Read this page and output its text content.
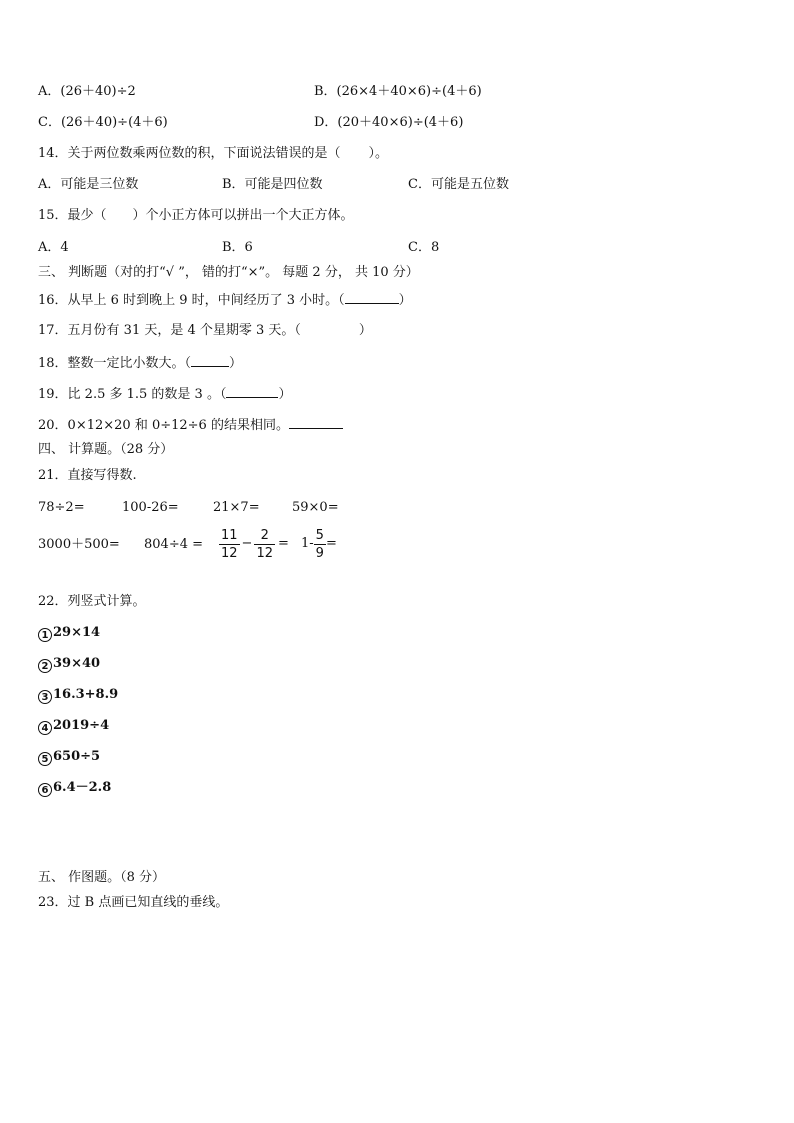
A．(26＋40)÷2	B．(26×4＋40×6)÷(4＋6)
C．(26＋40)÷(4＋6)	D．(20＋40×6)÷(4＋6)
14．关于两位数乘两位数的积，下面说法错误的是（ ）。
A．可能是三位数	B．可能是四位数	C．可能是五位数
15．最少（ ）个小正方体可以拼出一个大正方体。
A．4	B．6	C．8
三、 判断题（对的打“√ ”， 错的打“×”。 每题 2 分， 共 10 分）
16．从早上 6 时到晚上 9 时，中间经历了 3 小时。（	）
17．五月份有 31 天，是 4 个星期零 3 天。（	）
18．整数一定比小数大。（	）
19．比 2.5 多 1.5 的数是 3 。（	）
20．0×12×20 和 0÷12÷6 的结果相同。
四、 计算题。（28 分）
21．直接写得数.
78÷2=	100-26=	21×7= 59×0=
$3000+500= 804\div 4 = \frac{11}{12} - \frac{2}{12} = 1- \frac{5}{9}$ =
22．列竖式计算。
1 29×14
2 39×40
3 16.3+8.9
4 2019÷4
5 650÷5
6 6.4－2.8
五、 作图题。（8 分）
23．过 B 点画已知直线的垂线。
